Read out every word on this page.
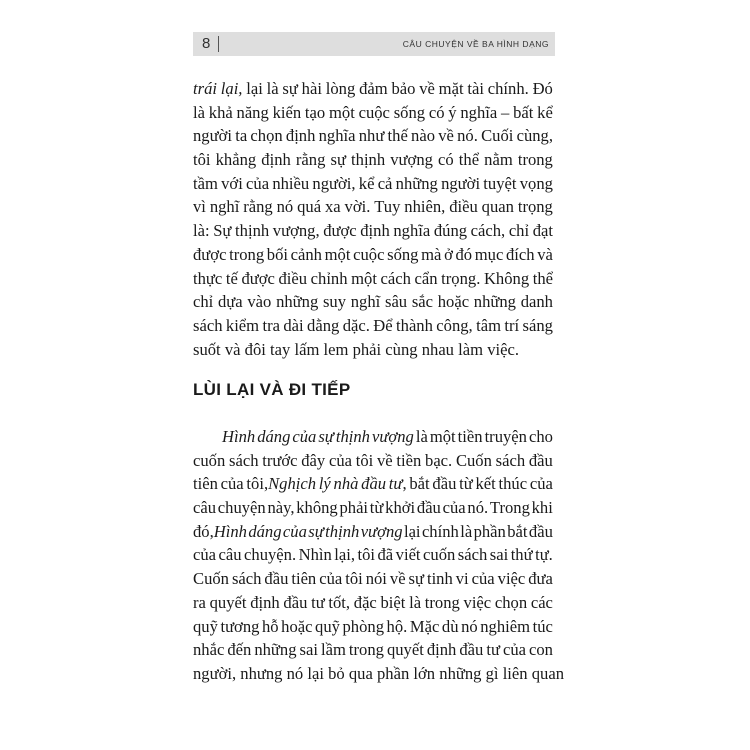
8	CÂU CHUYỆN VỀ BA HÌNH DẠNG
trái lại, lại là sự hài lòng đảm bảo về mặt tài chính. Đó
là khả năng kiến tạo một cuộc sống có ý nghĩa – bất kể
người ta chọn định nghĩa như thế nào về nó. Cuối cùng,
tôi khẳng định rằng sự thịnh vượng có thể nằm trong
tầm với của nhiều người, kể cả những người tuyệt vọng
vì nghĩ rằng nó quá xa vời. Tuy nhiên, điều quan trọng
là: Sự thịnh vượng, được định nghĩa đúng cách, chỉ đạt
được trong bối cảnh một cuộc sống mà ở đó mục đích và
thực tế được điều chỉnh một cách cẩn trọng. Không thể
chỉ dựa vào những suy nghĩ sâu sắc hoặc những danh
sách kiểm tra dài dằng dặc. Để thành công, tâm trí sáng
suốt
và
đôi
tay
lấm
lem
phải
cùng
nhau
làm
việc.
LÙI LẠI VÀ ĐI TIẾP
Hình dáng của sự thịnh vượng là một tiền truyện cho
cuốn sách trước đây của tôi về tiền bạc. Cuốn sách đầu
tiên của tôi,Nghịch lý nhà đầu tư, bắt đầu từ kết thúc của
câu chuyện này, không phải từ khởi đầu của nó. Trong khi
đó,Hình dáng của sự thịnh vượng lại chính là phần bắt đầu
của câu chuyện. Nhìn lại, tôi đã viết cuốn sách sai thứ tự.
Cuốn sách đầu tiên của tôi nói về sự tinh vi của việc đưa
ra quyết định đầu tư tốt, đặc biệt là trong việc chọn các
quỹ tương hỗ hoặc quỹ phòng hộ. Mặc dù nó nghiêm túc
nhắc đến những sai lầm trong quyết định đầu tư của con
người,
nhưng
nó
lại
bỏ
qua
phần
lớn
những
gì
liên
quan
